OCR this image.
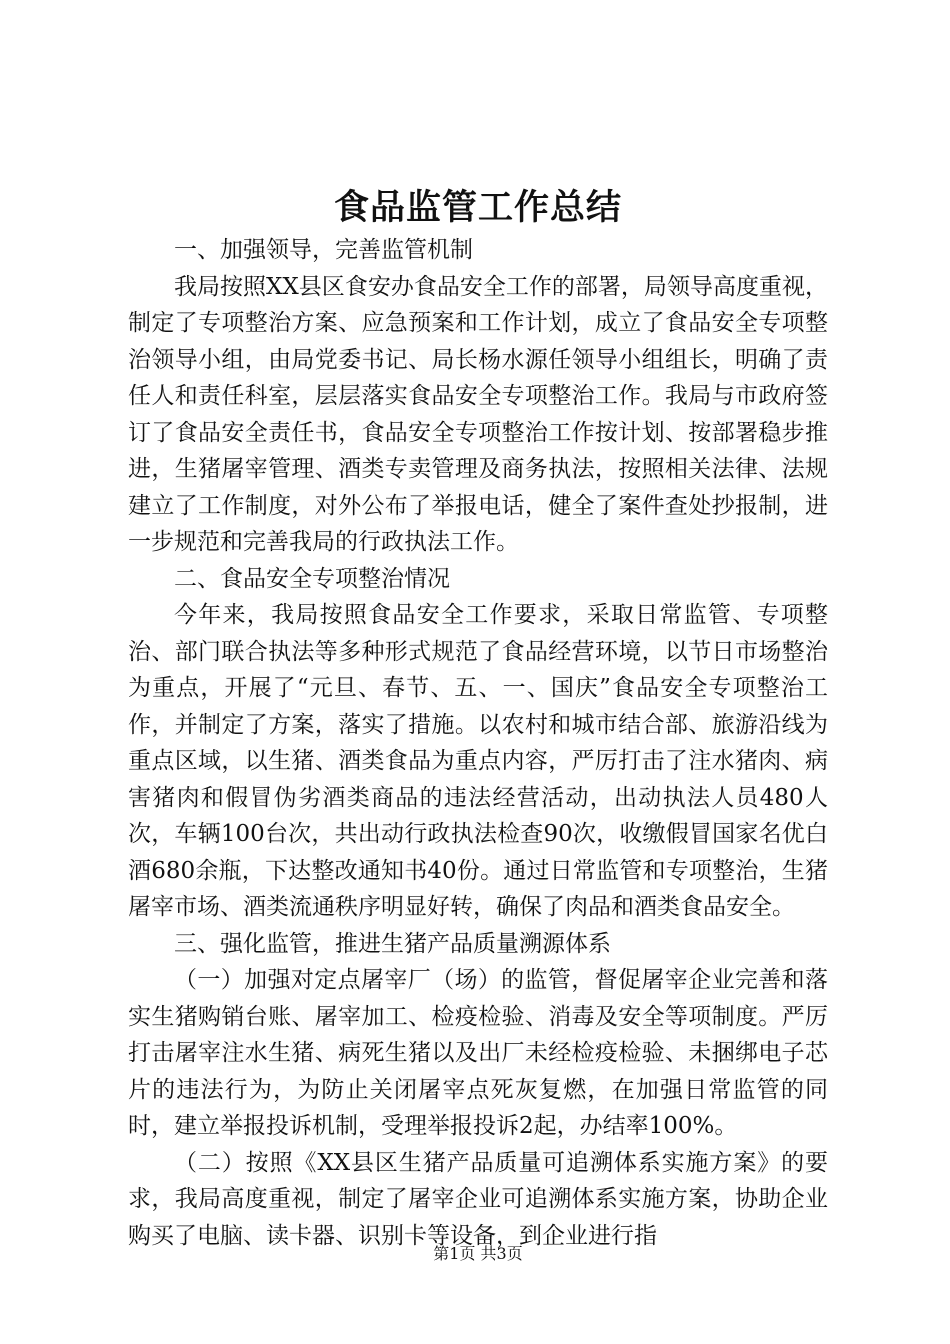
食品监管工作总结

一、加强领导，完善监管机制

我局按照XX县区食安办食品安全工作的部署，局领导高度重视，制定了专项整治方案、应急预案和工作计划，成立了食品安全专项整治领导小组，由局党委书记、局长杨水源任领导小组组长，明确了责任人和责任科室，层层落实食品安全专项整治工作。我局与市政府签订了食品安全责任书，食品安全专项整治工作按计划、按部署稳步推进，生猪屠宰管理、酒类专卖管理及商务执法，按照相关法律、法规建立了工作制度，对外公布了举报电话，健全了案件查处抄报制，进一步规范和完善我局的行政执法工作。

二、食品安全专项整治情况

今年来，我局按照食品安全工作要求，采取日常监管、专项整治、部门联合执法等多种形式规范了食品经营环境，以节日市场整治为重点，开展了“元旦、春节、五、一、国庆”食品安全专项整治工作，并制定了方案，落实了措施。以农村和城市结合部、旅游沿线为重点区域，以生猪、酒类食品为重点内容，严厉打击了注水猪肉、病害猪肉和假冒伪劣酒类商品的违法经营活动，出动执法人员480人次，车辆100台次，共出动行政执法检查90次，收缴假冒国家名优白酒680余瓶，下达整改通知书40份。通过日常监管和专项整治，生猪屠宰市场、酒类流通秩序明显好转，确保了肉品和酒类食品安全。

三、强化监管，推进生猪产品质量溯源体系

（一）加强对定点屠宰厂（场）的监管，督促屠宰企业完善和落实生猪购销台账、屠宰加工、检疫检验、消毒及安全等项制度。严厉打击屠宰注水生猪、病死生猪以及出厂未经检疫检验、未捆绑电子芯片的违法行为，为防止关闭屠宰点死灰复燃，在加强日常监管的同时，建立举报投诉机制，受理举报投诉2起，办结率100%。

（二）按照《XX县区生猪产品质量可追溯体系实施方案》的要求，我局高度重视，制定了屠宰企业可追溯体系实施方案，协助企业购买了电脑、读卡器、识别卡等设备，到企业进行指

第1页 共3页
